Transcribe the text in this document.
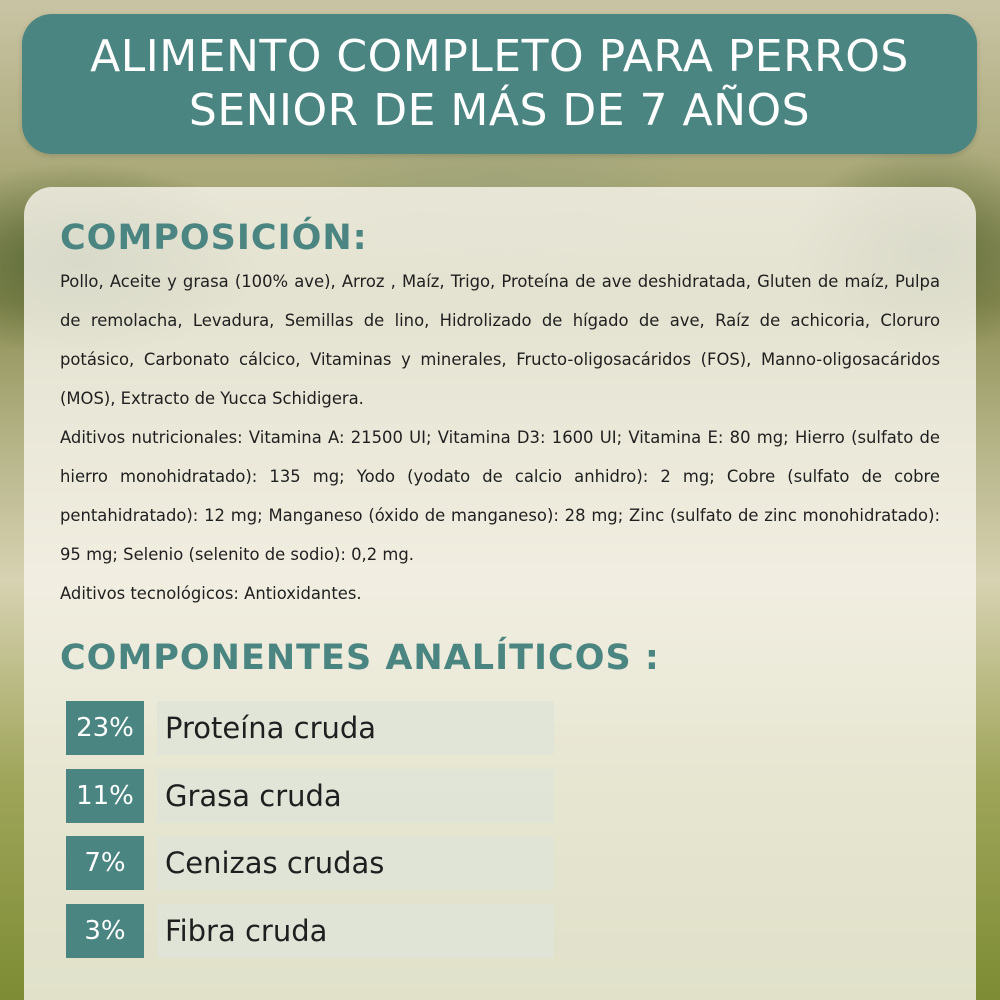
ALIMENTO COMPLETO PARA PERROS
SENIOR DE MÁS DE 7 AÑOS
COMPOSICIÓN:
Pollo, Aceite y grasa (100% ave), Arroz , Maíz, Trigo, Proteína de ave deshidratada, Gluten de maíz, Pulpa de remolacha, Levadura, Semillas de lino, Hidrolizado de hígado de ave, Raíz de achicoria, Cloruro potásico, Carbonato cálcico, Vitaminas y minerales, Fructo-oligosacáridos (FOS), Manno-oligosacáridos (MOS), Extracto de Yucca Schidigera.
Aditivos nutricionales: Vitamina A: 21500 UI; Vitamina D3: 1600 UI; Vitamina E: 80 mg; Hierro (sulfato de hierro monohidratado): 135 mg; Yodo (yodato de calcio anhidro): 2 mg; Cobre (sulfato de cobre pentahidratado): 12 mg; Manganeso (óxido de manganeso): 28 mg; Zinc (sulfato de zinc monohidratado): 95 mg; Selenio (selenito de sodio): 0,2 mg.
Aditivos tecnológicos: Antioxidantes.
COMPONENTES ANALÍTICOS :
23%	Proteína cruda
11%	Grasa cruda
7%	Cenizas crudas
3%	Fibra cruda
